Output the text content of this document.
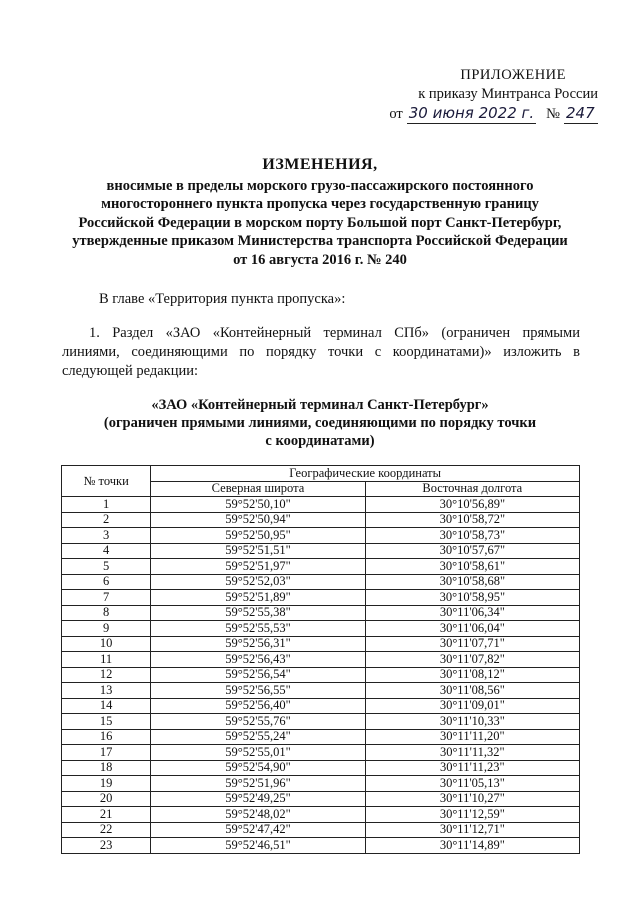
ПРИЛОЖЕНИЕ
к приказу Минтранса России
от 30 июня 2022 г. № 247
ИЗМЕНЕНИЯ,
вносимые в пределы морского грузо-пассажирского постоянного
многостороннего пункта пропуска через государственную границу
Российской Федерации в морском порту Большой порт Санкт-Петербург,
утвержденные приказом Министерства транспорта Российской Федерации
от 16 августа 2016 г. № 240
В главе «Территория пункта пропуска»:
1. Раздел «ЗАО «Контейнерный терминал СПб» (ограничен прямыми линиями, соединяющими по порядку точки с координатами)» изложить в следующей редакции:
«ЗАО «Контейнерный терминал Санкт-Петербург»
(ограничен прямыми линиями, соединяющими по порядку точки
с координатами)
№ точки	Географические координаты	
	Северная широта	Восточная долгота
1	59°52'50,10"	30°10'56,89"
2	59°52'50,94"	30°10'58,72"
3	59°52'50,95"	30°10'58,73"
4	59°52'51,51"	30°10'57,67"
5	59°52'51,97"	30°10'58,61"
6	59°52'52,03"	30°10'58,68"
7	59°52'51,89"	30°10'58,95"
8	59°52'55,38"	30°11'06,34"
9	59°52'55,53"	30°11'06,04"
10	59°52'56,31"	30°11'07,71"
11	59°52'56,43"	30°11'07,82"
12	59°52'56,54"	30°11'08,12"
13	59°52'56,55"	30°11'08,56"
14	59°52'56,40"	30°11'09,01"
15	59°52'55,76"	30°11'10,33"
16	59°52'55,24"	30°11'11,20"
17	59°52'55,01"	30°11'11,32"
18	59°52'54,90"	30°11'11,23"
19	59°52'51,96"	30°11'05,13"
20	59°52'49,25"	30°11'10,27"
21	59°52'48,02"	30°11'12,59"
22	59°52'47,42"	30°11'12,71"
23	59°52'46,51"	30°11'14,89"
